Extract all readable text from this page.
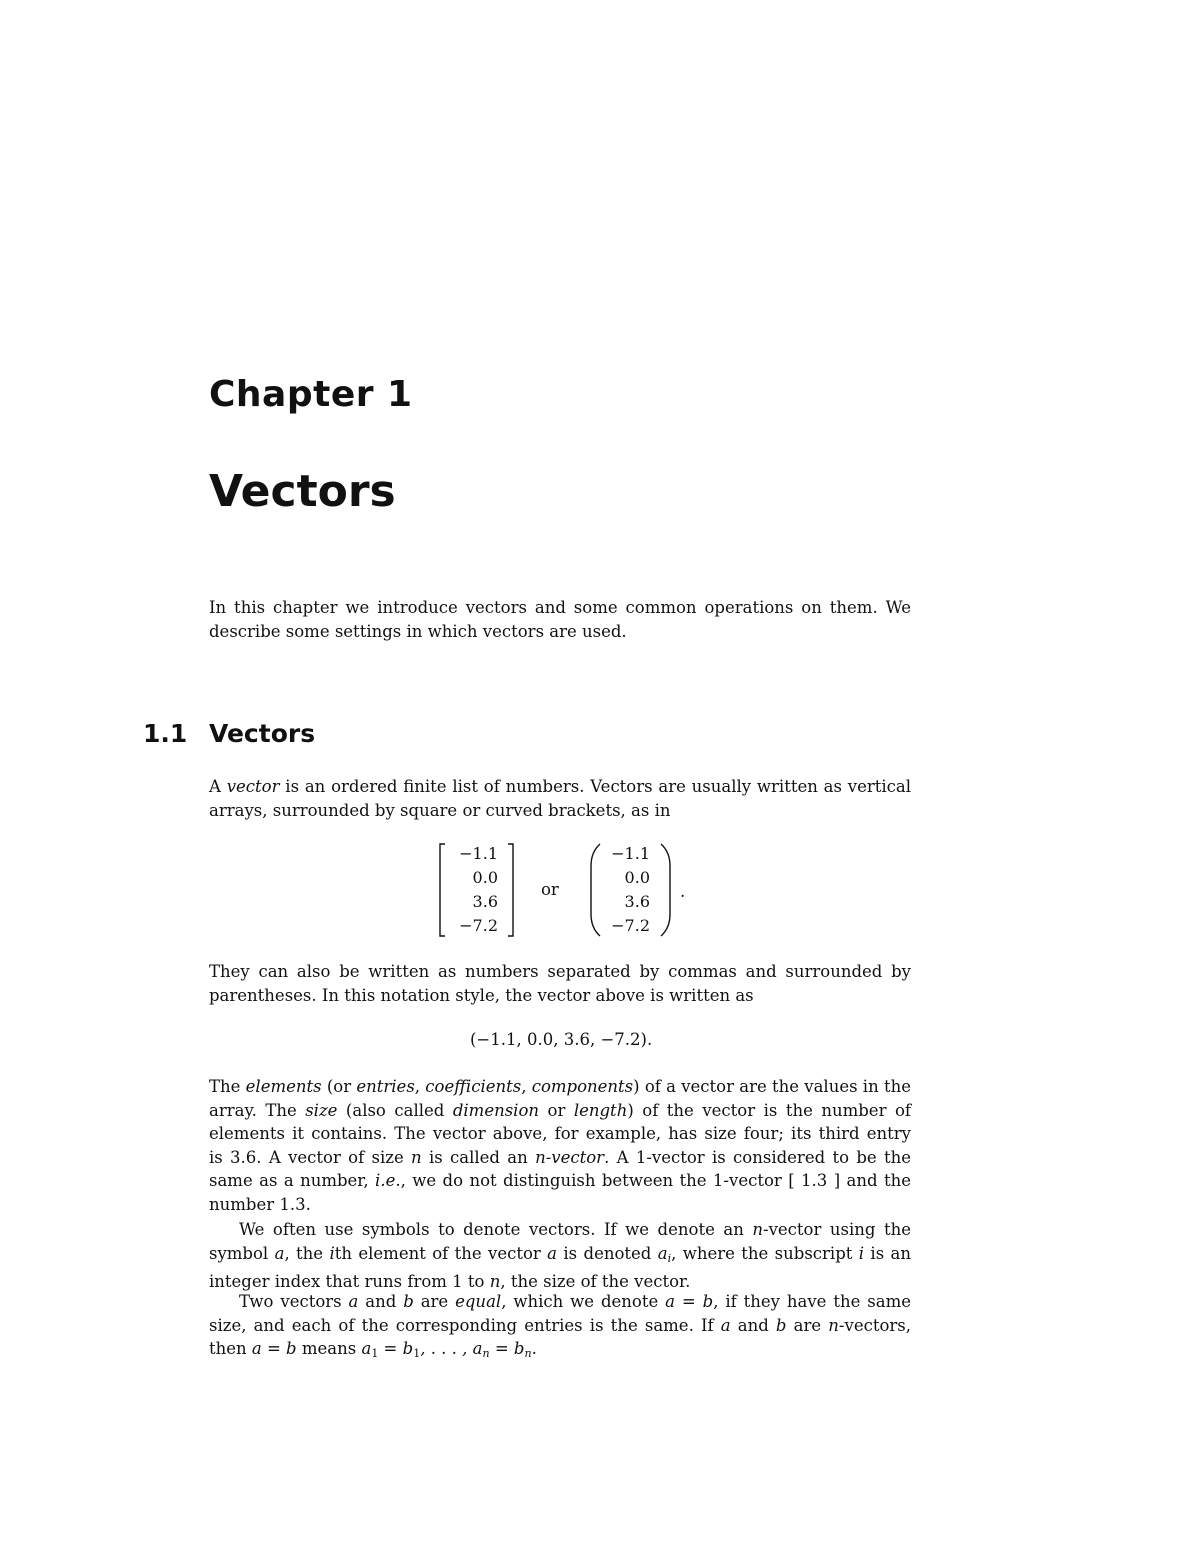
Chapter 1
Vectors
In this chapter we introduce vectors and some common operations on them. We
describe some settings in which vectors are used.
1.1 Vectors
A vector is an ordered finite list of numbers. Vectors are usually written as vertical
arrays, surrounded by square or curved brackets, as in
−1.1
0.0
3.6
−7.2
or
−1.1
0.0
3.6
−7.2
.
They can also be written as numbers separated by commas and surrounded by
parentheses. In this notation style, the vector above is written as
(−1.1, 0.0, 3.6, −7.2).
The elements (or entries, coefficients, components) of a vector are the values in the
array. The size (also called dimension or length) of the vector is the number of
elements it contains. The vector above, for example, has size four; its third entry
is 3.6. A vector of size n is called an n-vector. A 1-vector is considered to be the
same as a number, i.e., we do not distinguish between the 1-vector [ 1.3 ] and the
number 1.3.
We often use symbols to denote vectors. If we denote an n-vector using the
symbol a, the ith element of the vector a is denoted $a_i$, where the subscript i is an
integer index that runs from 1 to n, the size of the vector.
Two vectors a and b are equal, which we denote a = b, if they have the same
size, and each of the corresponding entries is the same. If a and b are n-vectors,
then a = b means $a_1 = b_1$, . . . , $a_n = b_n$.
